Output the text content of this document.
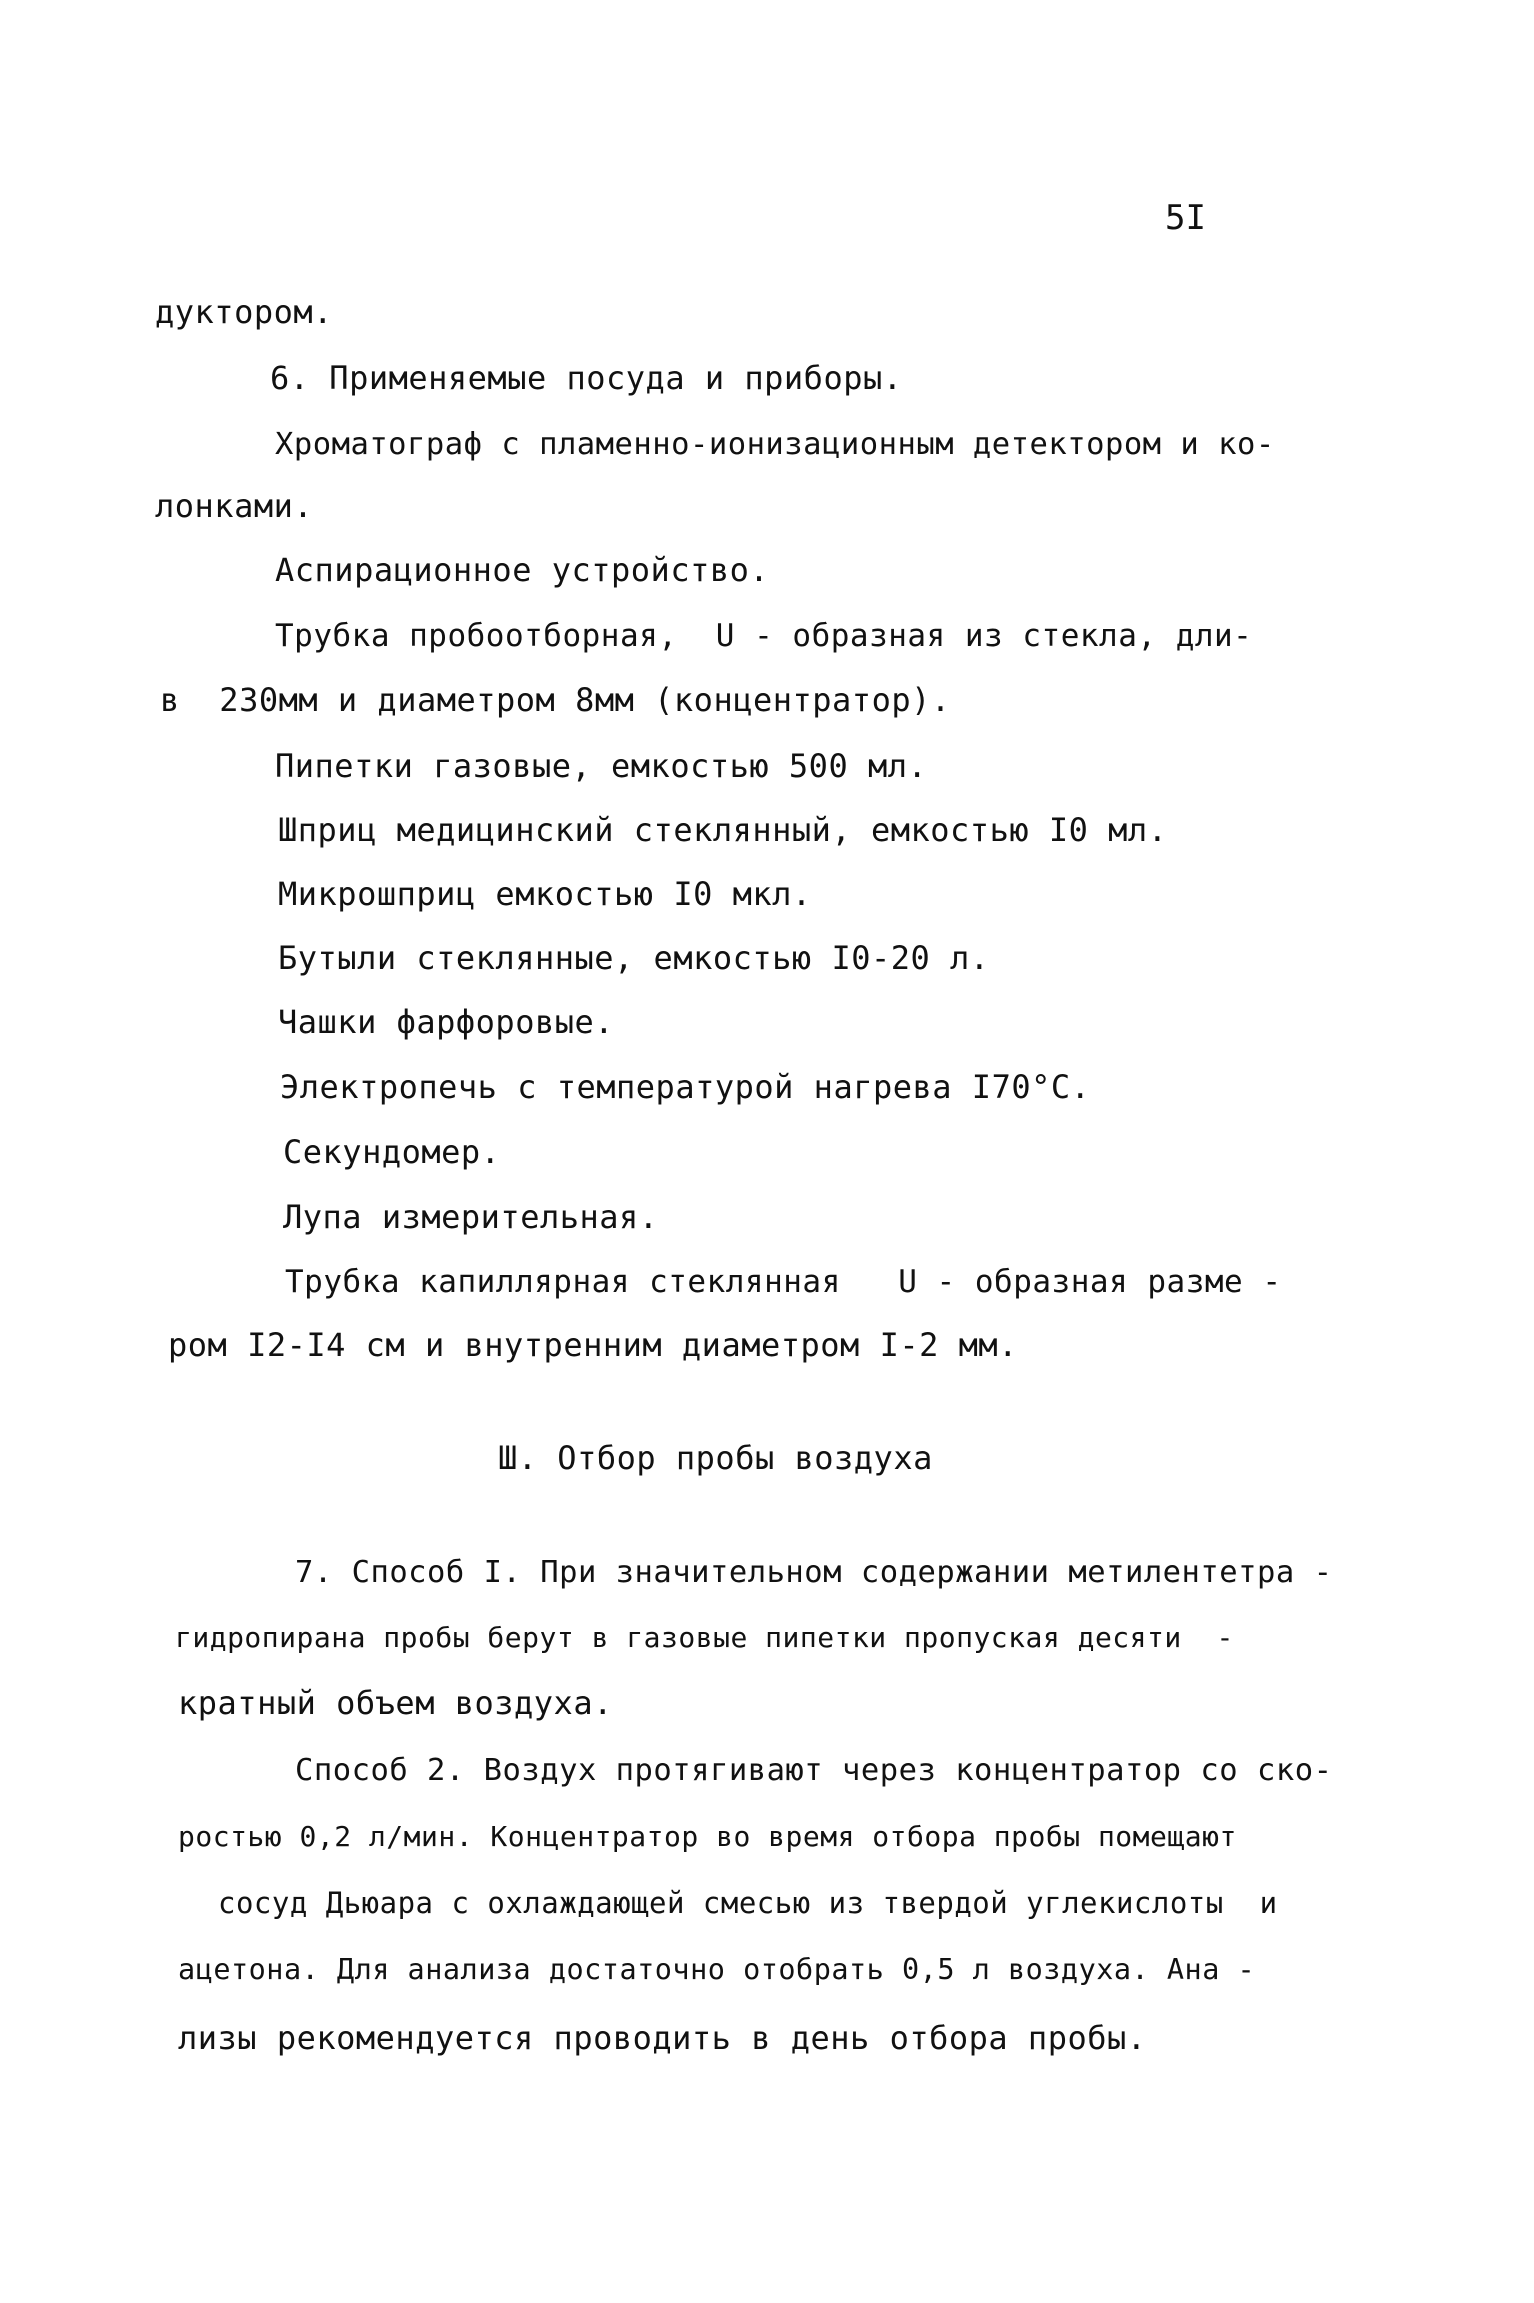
5I
дуктором.
6. Применяемые посуда и приборы.
Хроматограф с пламенно-ионизационным детектором и ко-
лонками.
Аспирационное устройство.
Трубка пробоотборная,  U - образная из стекла, дли-
в  230мм и диаметром 8мм (концентратор).
Пипетки газовые, емкостью 500 мл.
Шприц медицинский стеклянный, емкостью I0 мл.
Микрошприц емкостью I0 мкл.
Бутыли стеклянные, емкостью I0-20 л.
Чашки фарфоровые.
Электропечь с температурой нагрева I70°С.
Секундомер.
Лупа измерительная.
Трубка капиллярная стеклянная   U - образная разме -
ром I2-I4 см и внутренним диаметром I-2 мм.
Ш. Отбор пробы воздуха
7. Способ I. При значительном содержании метилентетра -
гидропирана пробы берут в газовые пипетки пропуская десяти  -
кратный объем воздуха.
Способ 2. Воздух протягивают через концентратор со ско-
ростью 0,2 л/мин. Концентратор во время отбора пробы помещают
сосуд Дьюара с охлаждающей смесью из твердой углекислоты  и
ацетона. Для анализа достаточно отобрать 0,5 л воздуха. Ана -
лизы рекомендуется проводить в день отбора пробы.
